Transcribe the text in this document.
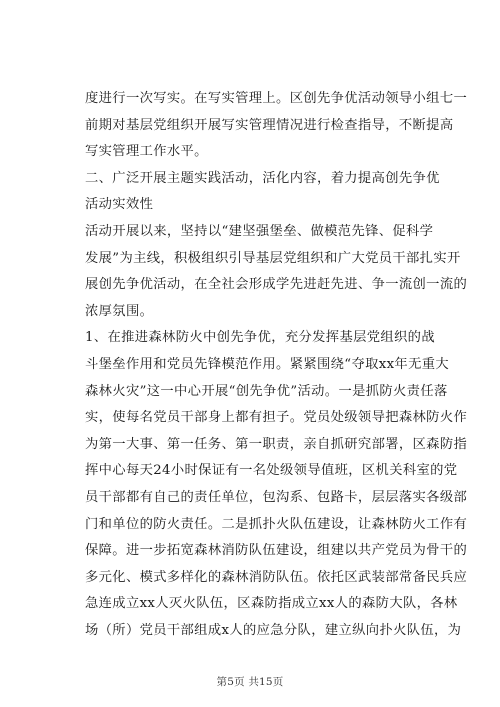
度进行一次写实。在写实管理上。区创先争优活动领导小组七一
前期对基层党组织开展写实管理情况进行检查指导，不断提高
写实管理工作水平。
二、广泛开展主题实践活动，活化内容，着力提高创先争优
活动实效性
活动开展以来，坚持以“建坚强堡垒、做模范先锋、促科学
发展”为主线，积极组织引导基层党组织和广大党员干部扎实开
展创先争优活动，在全社会形成学先进赶先进、争一流创一流的
浓厚氛围。
1、在推进森林防火中创先争优，充分发挥基层党组织的战
斗堡垒作用和党员先锋模范作用。紧紧围绕“夺取xx年无重大
森林火灾”这一中心开展“创先争优”活动。一是抓防火责任落
实，使每名党员干部身上都有担子。党员处级领导把森林防火作
为第一大事、第一任务、第一职责，亲自抓研究部署，区森防指
挥中心每天24小时保证有一名处级领导值班，区机关科室的党
员干部都有自己的责任单位，包沟系、包路卡，层层落实各级部
门和单位的防火责任。二是抓扑火队伍建设，让森林防火工作有
保障。进一步拓宽森林消防队伍建设，组建以共产党员为骨干的
多元化、模式多样化的森林消防队伍。依托区武装部常备民兵应
急连成立xx人灭火队伍，区森防指成立xx人的森防大队，各林
场（所）党员干部组成x人的应急分队，建立纵向扑火队伍，为
第5页 共15页
